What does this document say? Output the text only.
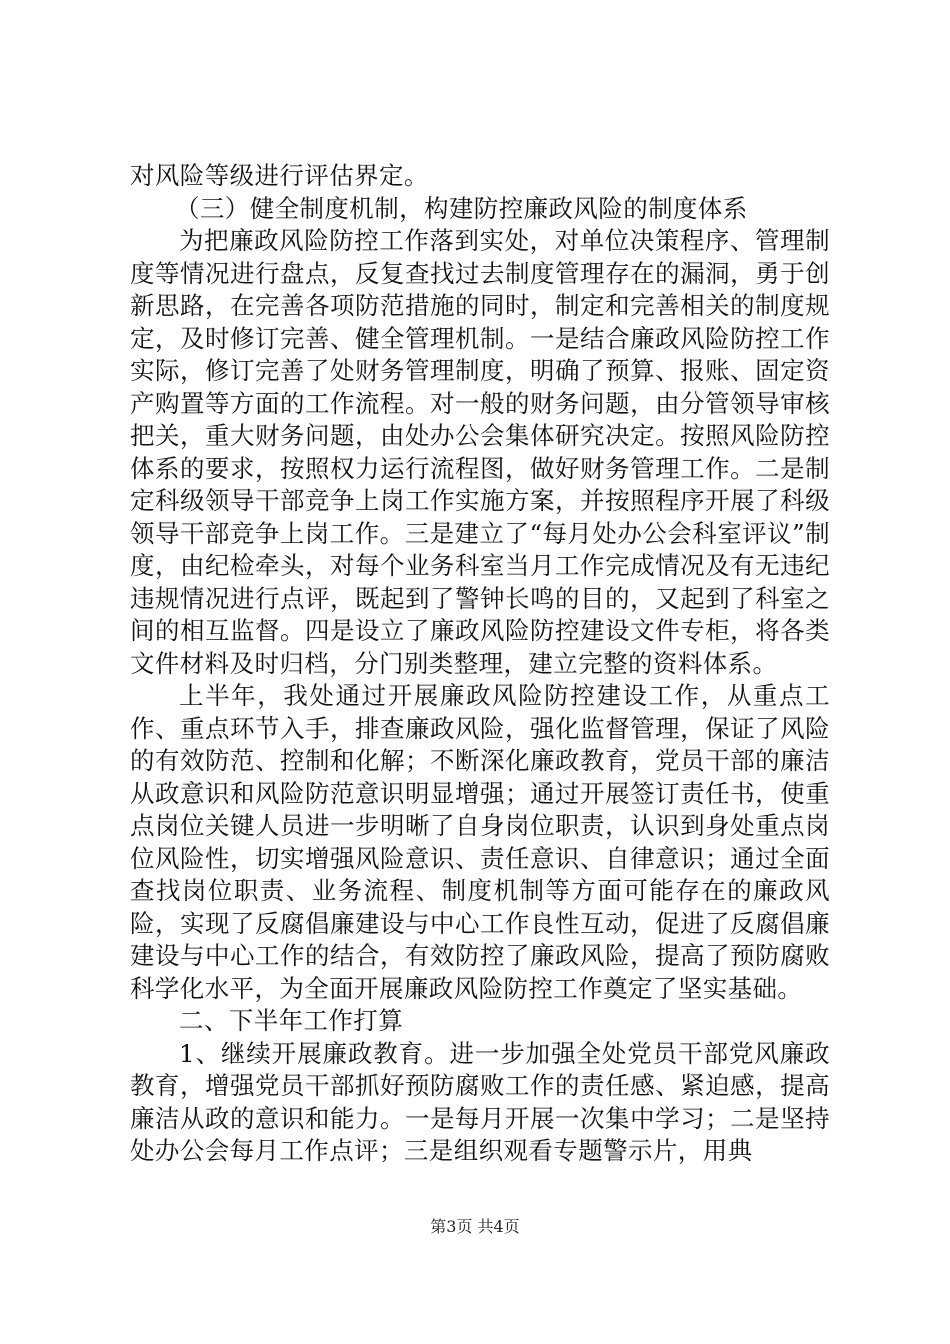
对风险等级进行评估界定。

（三）健全制度机制，构建防控廉政风险的制度体系

为把廉政风险防控工作落到实处，对单位决策程序、管理制度等情况进行盘点，反复查找过去制度管理存在的漏洞，勇于创新思路，在完善各项防范措施的同时，制定和完善相关的制度规定，及时修订完善、健全管理机制。一是结合廉政风险防控工作实际，修订完善了处财务管理制度，明确了预算、报账、固定资产购置等方面的工作流程。对一般的财务问题，由分管领导审核把关，重大财务问题，由处办公会集体研究决定。按照风险防控体系的要求，按照权力运行流程图，做好财务管理工作。二是制定科级领导干部竞争上岗工作实施方案，并按照程序开展了科级领导干部竞争上岗工作。三是建立了“每月处办公会科室评议”制度，由纪检牵头，对每个业务科室当月工作完成情况及有无违纪违规情况进行点评，既起到了警钟长鸣的目的，又起到了科室之间的相互监督。四是设立了廉政风险防控建设文件专柜，将各类文件材料及时归档，分门别类整理，建立完整的资料体系。

上半年，我处通过开展廉政风险防控建设工作，从重点工作、重点环节入手，排查廉政风险，强化监督管理，保证了风险的有效防范、控制和化解；不断深化廉政教育，党员干部的廉洁从政意识和风险防范意识明显增强；通过开展签订责任书，使重点岗位关键人员进一步明晰了自身岗位职责，认识到身处重点岗位风险性，切实增强风险意识、责任意识、自律意识；通过全面查找岗位职责、业务流程、制度机制等方面可能存在的廉政风险，实现了反腐倡廉建设与中心工作良性互动，促进了反腐倡廉建设与中心工作的结合，有效防控了廉政风险，提高了预防腐败科学化水平，为全面开展廉政风险防控工作奠定了坚实基础。

二、下半年工作打算

1、继续开展廉政教育。进一步加强全处党员干部党风廉政教育，增强党员干部抓好预防腐败工作的责任感、紧迫感，提高廉洁从政的意识和能力。一是每月开展一次集中学习；二是坚持处办公会每月工作点评；三是组织观看专题警示片，用典

第3页 共4页
